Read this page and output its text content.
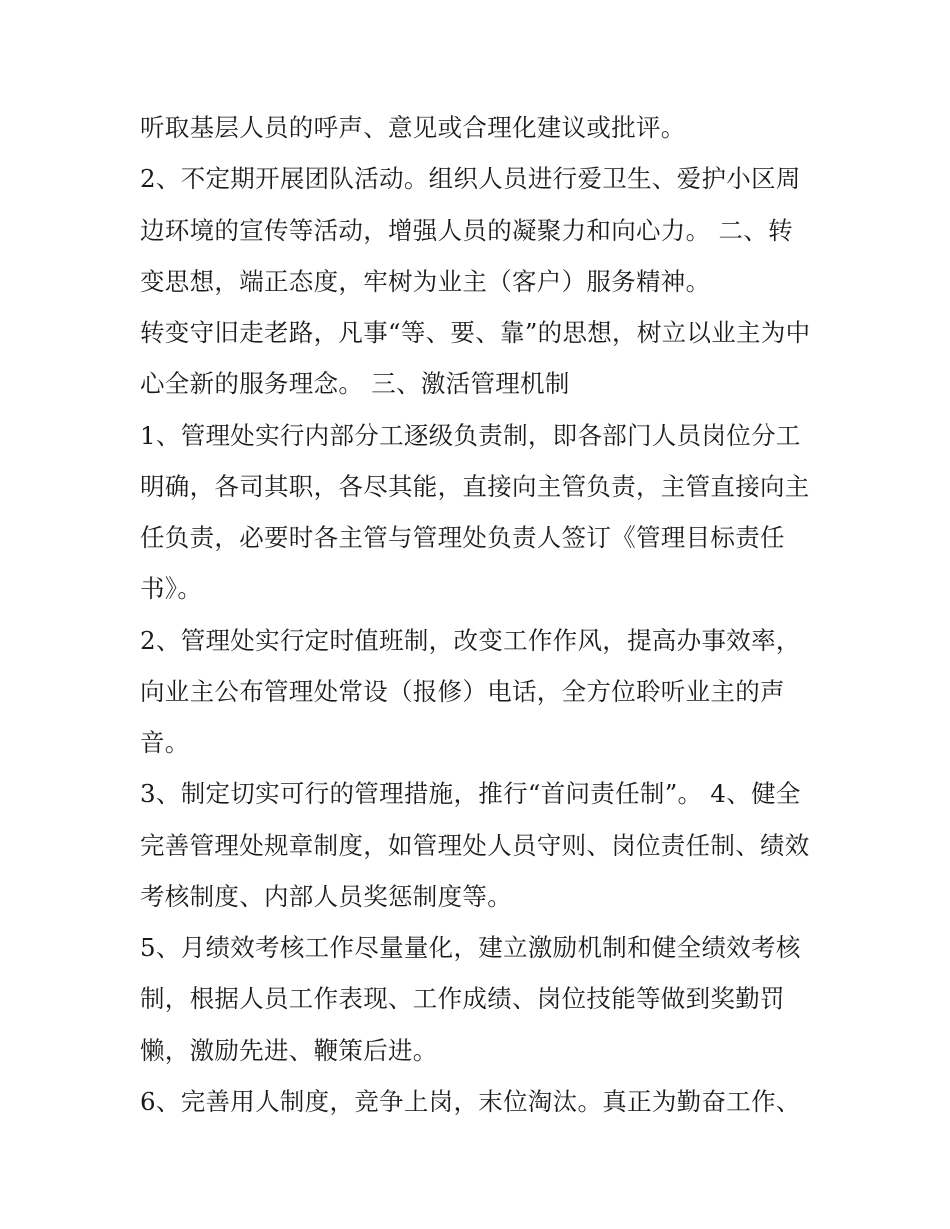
听取基层人员的呼声、意见或合理化建议或批评。
2、不定期开展团队活动。组织人员进行爱卫生、爱护小区周
边环境的宣传等活动，增强人员的凝聚力和向心力。 二、转
变思想，端正态度，牢树为业主（客户）服务精神。
转变守旧走老路，凡事“等、要、靠”的思想，树立以业主为中
心全新的服务理念。 三、激活管理机制
1、管理处实行内部分工逐级负责制，即各部门人员岗位分工
明确，各司其职，各尽其能，直接向主管负责，主管直接向主
任负责，必要时各主管与管理处负责人签订《管理目标责任
书》。
2、管理处实行定时值班制，改变工作作风，提高办事效率，
向业主公布管理处常设（报修）电话，全方位聆听业主的声
音。
3、制定切实可行的管理措施，推行“首问责任制”。 4、健全
完善管理处规章制度，如管理处人员守则、岗位责任制、绩效
考核制度、内部人员奖惩制度等。
5、月绩效考核工作尽量量化，建立激励机制和健全绩效考核
制，根据人员工作表现、工作成绩、岗位技能等做到奖勤罚
懒，激励先进、鞭策后进。
6、完善用人制度，竞争上岗，末位淘汰。真正为勤奋工作、
